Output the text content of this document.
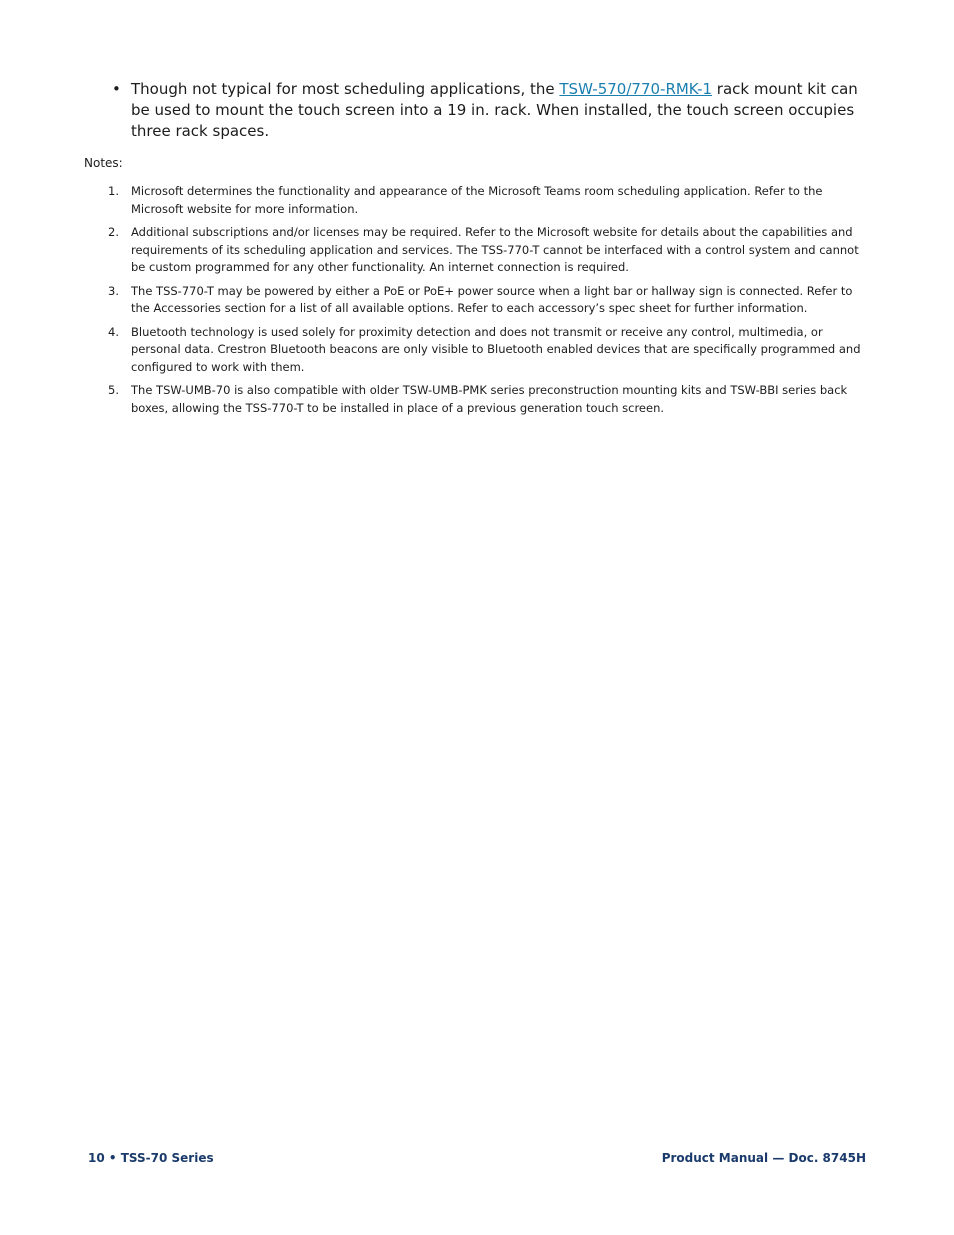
• Though not typical for most scheduling applications, the TSW-570/770-RMK-1 rack mount kit can be used to mount the touch screen into a 19 in. rack. When installed, the touch screen occupies three rack spaces.
Notes:
1. Microsoft determines the functionality and appearance of the Microsoft Teams room scheduling application. Refer to the Microsoft website for more information.
2. Additional subscriptions and/or licenses may be required. Refer to the Microsoft website for details about the capabilities and requirements of its scheduling application and services. The TSS-770-T cannot be interfaced with a control system and cannot be custom programmed for any other functionality. An internet connection is required.
3. The TSS-770-T may be powered by either a PoE or PoE+ power source when a light bar or hallway sign is connected. Refer to the Accessories section for a list of all available options. Refer to each accessory’s spec sheet for further information.
4. Bluetooth technology is used solely for proximity detection and does not transmit or receive any control, multimedia, or personal data. Crestron Bluetooth beacons are only visible to Bluetooth enabled devices that are specifically programmed and configured to work with them.
5. The TSW-UMB-70 is also compatible with older TSW-UMB-PMK series preconstruction mounting kits and TSW-BBI series back boxes, allowing the TSS-770-T to be installed in place of a previous generation touch screen.
10 • TSS-70 Series	Product Manual — Doc. 8745H
